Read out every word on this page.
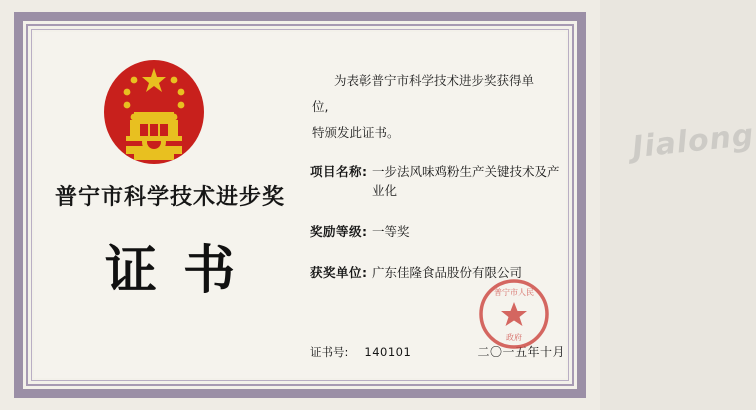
普宁市科学技术进步奖
证书
为表彰普宁市科学技术进步奖获得单位,
特颁发此证书。	Jialong
项目名称: 一步法风味鸡粉生产关键技术及产业化
奖励等级: 一等奖
获奖单位: 广东佳隆食品股份有限公司
证书号: 140101	二〇一五年十月
普宁市人民
政府
